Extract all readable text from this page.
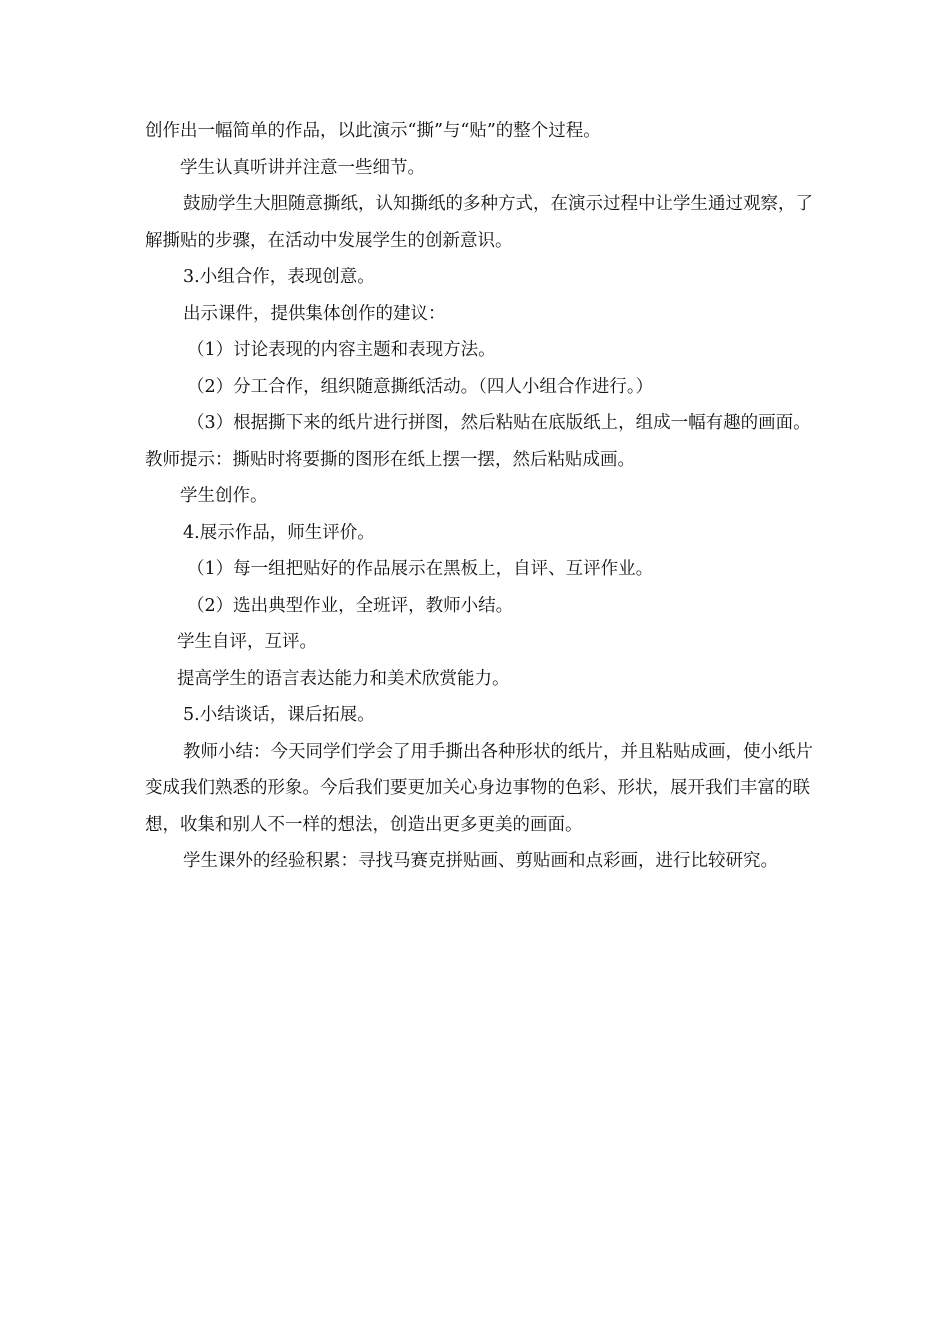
创作出一幅简单的作品，以此演示“撕”与“贴”的整个过程。

学生认真听讲并注意一些细节。

鼓励学生大胆随意撕纸，认知撕纸的多种方式，在演示过程中让学生通过观察，了解撕贴的步骤，在活动中发展学生的创新意识。

3.小组合作，表现创意。

出示课件，提供集体创作的建议：

（1）讨论表现的内容主题和表现方法。

（2）分工合作，组织随意撕纸活动。（四人小组合作进行。）

（3）根据撕下来的纸片进行拼图，然后粘贴在底版纸上，组成一幅有趣的画面。教师提示：撕贴时将要撕的图形在纸上摆一摆，然后粘贴成画。

学生创作。

4.展示作品，师生评价。

（1）每一组把贴好的作品展示在黑板上，自评、互评作业。

（2）选出典型作业，全班评，教师小结。

学生自评，互评。

提高学生的语言表达能力和美术欣赏能力。

5.小结谈话，课后拓展。

教师小结：今天同学们学会了用手撕出各种形状的纸片，并且粘贴成画，使小纸片变成我们熟悉的形象。今后我们要更加关心身边事物的色彩、形状，展开我们丰富的联想，收集和别人不一样的想法，创造出更多更美的画面。

学生课外的经验积累：寻找马赛克拼贴画、剪贴画和点彩画，进行比较研究。
